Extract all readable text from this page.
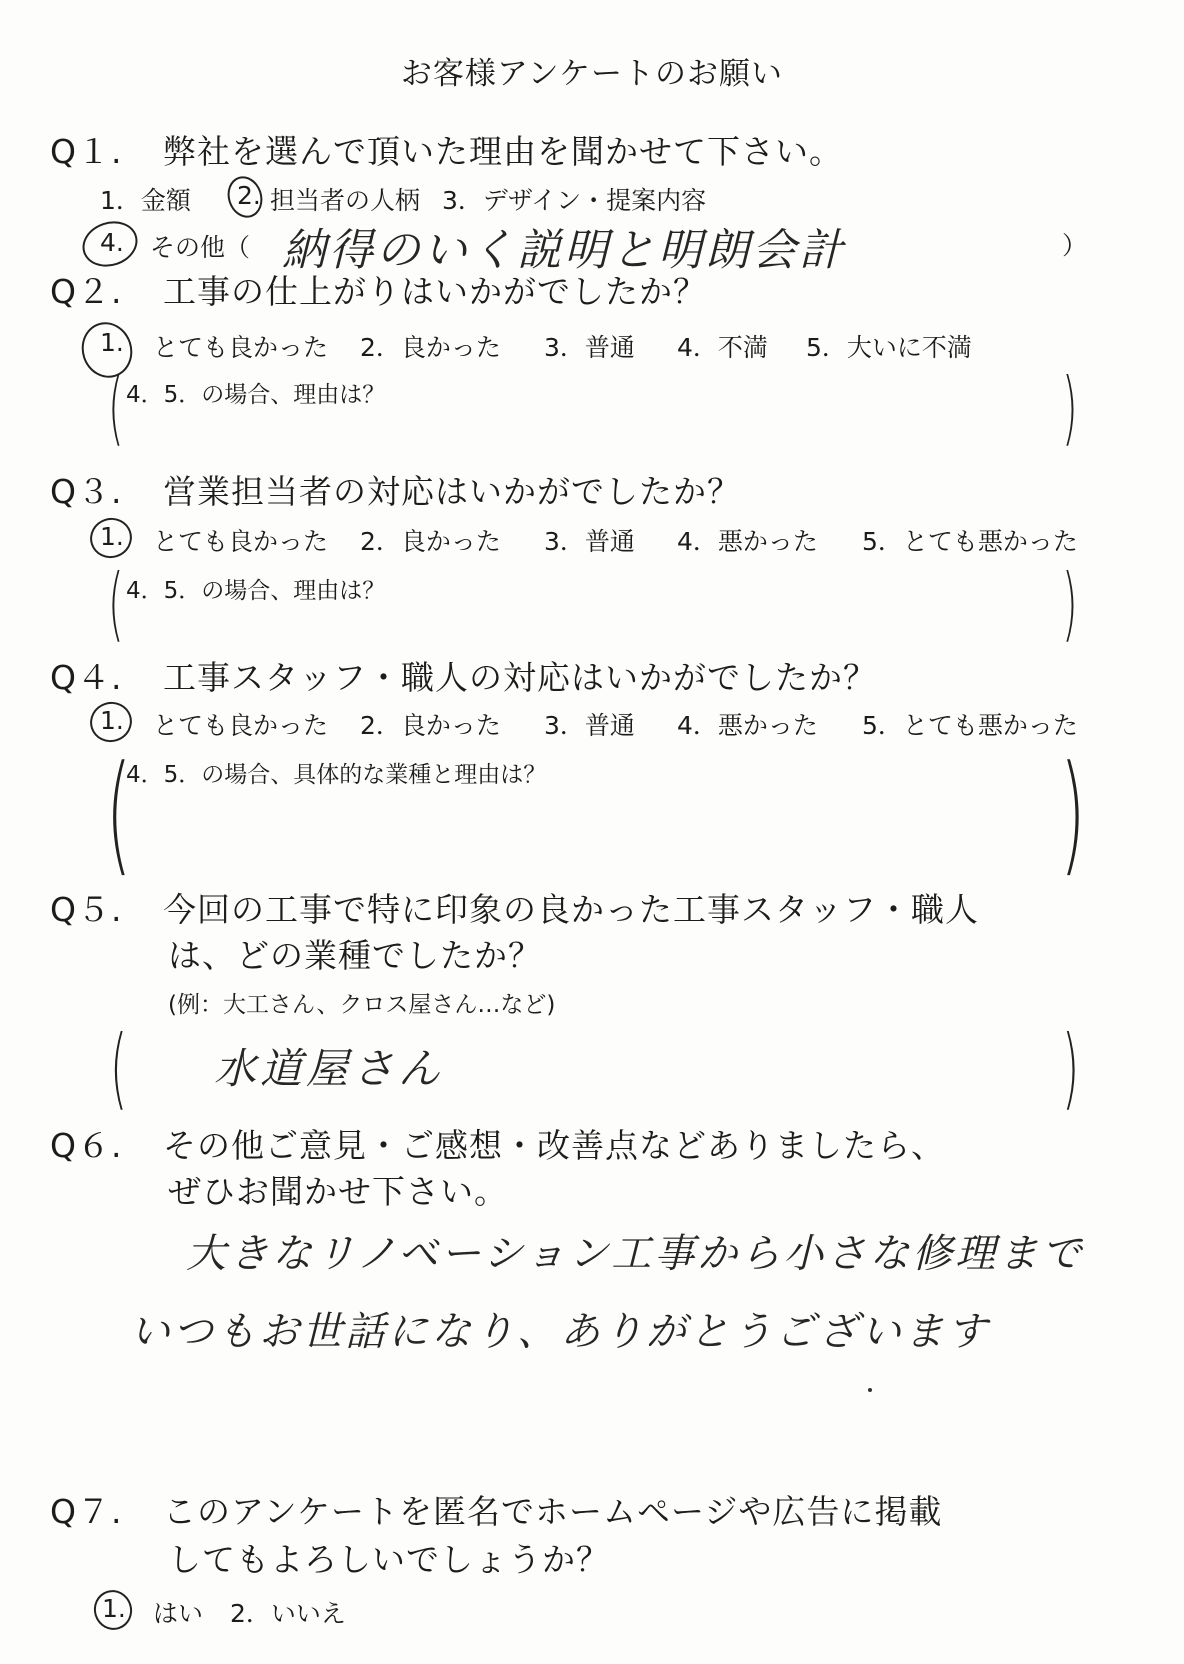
お客様アンケートのお願い
Q１. 弊社を選んで頂いた理由を聞かせて下さい。
1．金額 2. 担当者の人柄 3．デザイン・提案内容
4. その他（ 納得のいく説明と明朗会計	）
Q２. 工事の仕上がりはいかがでしたか？
1. とても良かった 2．良かった 3．普通 4．不満 5．大いに不満
( 4．5．の場合、理由は？	)
Q３. 営業担当者の対応はいかがでしたか？
1. とても良かった 2．良かった 3．普通 4．悪かった 5．とても悪かった
( 4．5．の場合、理由は？	)
Q４. 工事スタッフ・職人の対応はいかがでしたか？
1. とても良かった 2．良かった 3．普通 4．悪かった 5．とても悪かった
(
4．5．の場合、具体的な業種と理由は？	)
Q５. 今回の工事で特に印象の良かった工事スタッフ・職人
は、どの業種でしたか？
(例：大工さん、クロス屋さん…など)
( 水道屋さん	)
Q６. その他ご意見・ご感想・改善点などありましたら、
ぜひお聞かせ下さい。
大きなリノベーション工事から小さな修理まで
いつもお世話になり、ありがとうございます
Q７. このアンケートを匿名でホームページや広告に掲載
してもよろしいでしょうか？
1. はい 2．いいえ
